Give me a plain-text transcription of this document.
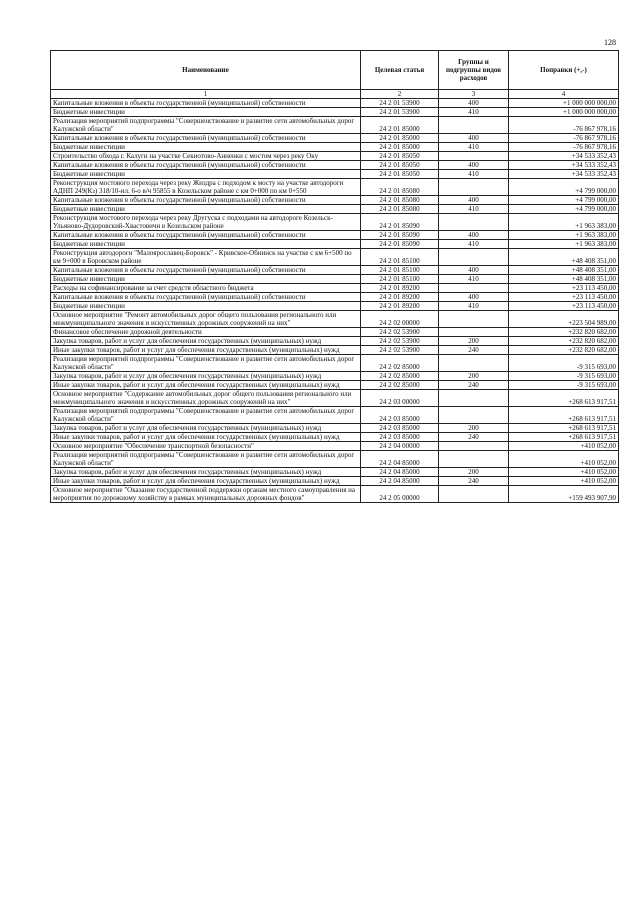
128
Наименование	Целевая статья	Группы и подгруппы видов расходов	Поправки (+,-)
1	2	3	4
Капитальные вложения в объекты государственной (муниципальной) собственности	24 2 01 53900	400	+1 000 000 000,00
Бюджетные инвестиции	24 2 01 53900	410	+1 000 000 000,00
Реализация мероприятий подпрограммы "Совершенствование и развитие сети автомобильных дорог Калужской области"	24 2 01 85000		-76 867 978,16
Капитальные вложения в объекты государственной (муниципальной) собственности	24 2 01 85000	400	-76 867 978,16
Бюджетные инвестиции	24 2 01 85000	410	-76 867 978,16
Строительство обхода г. Калуги на участке Секиотово-Анненки с мостом через реку Оку	24 2 01 85050		+34 533 352,43
Капитальные вложения в объекты государственной (муниципальной) собственности	24 2 01 85050	400	+34 533 352,43
Бюджетные инвестиции	24 2 01 85050	410	+34 533 352,43
Реконструкция мостового перехода через реку Жиздра с подходом к мосту на участке автодороги АДНП 249(Кз) 318/10-ил. 6-о в/ч 95855 в Козельском районе с км 0+000 по км 0+550	24 2 01 85080		+4 799 000,00
Капитальные вложения в объекты государственной (муниципальной) собственности	24 2 01 85080	400	+4 799 000,00
Бюджетные инвестиции	24 2 01 85080	410	+4 799 000,00
Реконструкция мостового перехода через реку Другуска с подходами на автодороге Козельск-Ульяново-Дудоровский-Хвастовичи в Козельском районе	24 2 01 85090		+1 963 383,00
Капитальные вложения в объекты государственной (муниципальной) собственности	24 2 01 85090	400	+1 963 383,00
Бюджетные инвестиции	24 2 01 85090	410	+1 963 383,00
Реконструкция автодороги "Малоярославец-Боровск" - Кривское-Обнинск на участке с км 6+500 по км 9+000 в Боровском районе	24 2 01 85100		+48 408 351,00
Капитальные вложения в объекты государственной (муниципальной) собственности	24 2 01 85100	400	+48 408 351,00
Бюджетные инвестиции	24 2 01 85100	410	+48 408 351,00
Расходы на софинансирование за счет средств областного бюджета	24 2 01 89200		+23 113 450,00
Капитальные вложения в объекты государственной (муниципальной) собственности	24 2 01 89200	400	+23 113 450,00
Бюджетные инвестиции	24 2 01 89200	410	+23 113 450,00
Основное мероприятие "Ремонт автомобильных дорог общего пользования регионального или межмуниципального значения и искусственных дорожных сооружений на них"	24 2 02 00000		+223 504 989,00
Финансовое обеспечение дорожной деятельности	24 2 02 53900		+232 820 682,00
Закупка товаров, работ и услуг для обеспечения государственных (муниципальных) нужд	24 2 02 53900	200	+232 820 682,00
Иные закупки товаров, работ и услуг для обеспечения государственных (муниципальных) нужд	24 2 02 53900	240	+232 820 682,00
Реализация мероприятий подпрограммы "Совершенствование и развитие сети автомобильных дорог Калужской области"	24 2 02 85000		-9 315 693,00
Закупка товаров, работ и услуг для обеспечения государственных (муниципальных) нужд	24 2 02 85000	200	-9 315 693,00
Иные закупки товаров, работ и услуг для обеспечения государственных (муниципальных) нужд	24 2 02 85000	240	-9 315 693,00
Основное мероприятие "Содержание автомобильных дорог общего пользования регионального или межмуниципального значения и искусственных дорожных сооружений на них"	24 2 03 00000		+268 613 917,51
Реализация мероприятий подпрограммы "Совершенствование и развитие сети автомобильных дорог Калужской области"	24 2 03 85000		+268 613 917,51
Закупка товаров, работ и услуг для обеспечения государственных (муниципальных) нужд	24 2 03 85000	200	+268 613 917,51
Иные закупки товаров, работ и услуг для обеспечения государственных (муниципальных) нужд	24 2 03 85000	240	+268 613 917,51
Основное мероприятие "Обеспечение транспортной безопасности"	24 2 04 00000		+410 052,00
Реализация мероприятий подпрограммы "Совершенствование и развитие сети автомобильных дорог Калужской области"	24 2 04 85000		+410 052,00
Закупка товаров, работ и услуг для обеспечения государственных (муниципальных) нужд	24 2 04 85000	200	+410 052,00
Иные закупки товаров, работ и услуг для обеспечения государственных (муниципальных) нужд	24 2 04 85000	240	+410 052,00
Основное мероприятие "Оказание государственной поддержки органам местного самоуправления на мероприятия по дорожному хозяйству в рамках муниципальных дорожных фондов"	24 2 05 00000		+159 493 907,90
